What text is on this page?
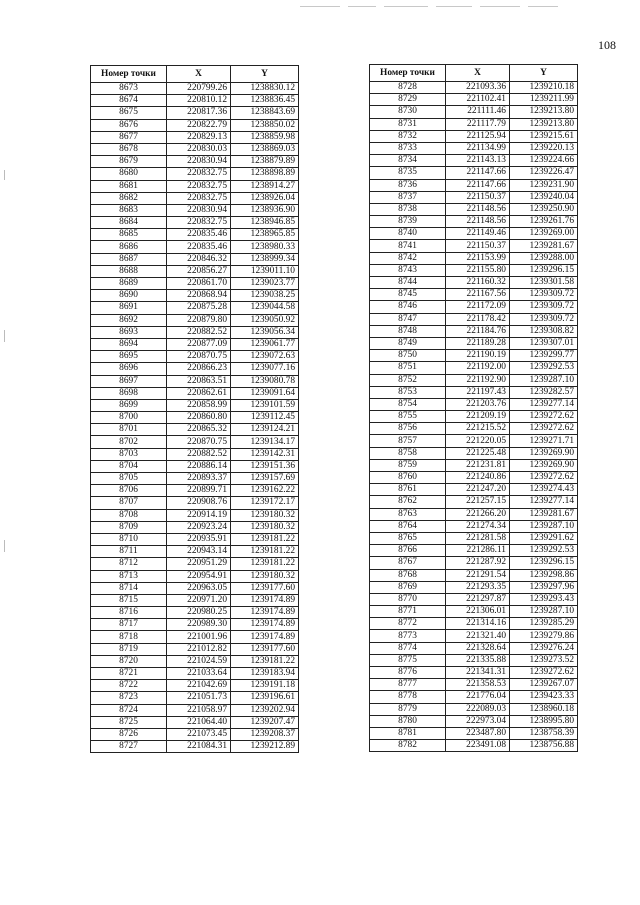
108
Номер точки	X	Y
8673	220799.26	1238830.12
8674	220810.12	1238836.45
8675	220817.36	1238843.69
8676	220822.79	1238850.02
8677	220829.13	1238859.98
8678	220830.03	1238869.03
8679	220830.94	1238879.89
8680	220832.75	1238898.89
8681	220832.75	1238914.27
8682	220832.75	1238926.04
8683	220830.94	1238936.90
8684	220832.75	1238946.85
8685	220835.46	1238965.85
8686	220835.46	1238980.33
8687	220846.32	1238999.34
8688	220856.27	1239011.10
8689	220861.70	1239023.77
8690	220868.94	1239038.25
8691	220875.28	1239044.58
8692	220879.80	1239050.92
8693	220882.52	1239056.34
8694	220877.09	1239061.77
8695	220870.75	1239072.63
8696	220866.23	1239077.16
8697	220863.51	1239080.78
8698	220862.61	1239091.64
8699	220858.99	1239101.59
8700	220860.80	1239112.45
8701	220865.32	1239124.21
8702	220870.75	1239134.17
8703	220882.52	1239142.31
8704	220886.14	1239151.36
8705	220893.37	1239157.69
8706	220899.71	1239162.22
8707	220908.76	1239172.17
8708	220914.19	1239180.32
8709	220923.24	1239180.32
8710	220935.91	1239181.22
8711	220943.14	1239181.22
8712	220951.29	1239181.22
8713	220954.91	1239180.32
8714	220963.05	1239177.60
8715	220971.20	1239174.89
8716	220980.25	1239174.89
8717	220989.30	1239174.89
8718	221001.96	1239174.89
8719	221012.82	1239177.60
8720	221024.59	1239181.22
8721	221033.64	1239183.94
8722	221042.69	1239191.18
8723	221051.73	1239196.61
8724	221058.97	1239202.94
8725	221064.40	1239207.47
8726	221073.45	1239208.37
8727	221084.31	1239212.89
Номер точки	X	Y
8728	221093.36	1239210.18
8729	221102.41	1239211.99
8730	221111.46	1239213.80
8731	221117.79	1239213.80
8732	221125.94	1239215.61
8733	221134.99	1239220.13
8734	221143.13	1239224.66
8735	221147.66	1239226.47
8736	221147.66	1239231.90
8737	221150.37	1239240.04
8738	221148.56	1239250.90
8739	221148.56	1239261.76
8740	221149.46	1239269.00
8741	221150.37	1239281.67
8742	221153.99	1239288.00
8743	221155.80	1239296.15
8744	221160.32	1239301.58
8745	221167.56	1239309.72
8746	221172.09	1239309.72
8747	221178.42	1239309.72
8748	221184.76	1239308.82
8749	221189.28	1239307.01
8750	221190.19	1239299.77
8751	221192.00	1239292.53
8752	221192.90	1239287.10
8753	221197.43	1239282.57
8754	221203.76	1239277.14
8755	221209.19	1239272.62
8756	221215.52	1239272.62
8757	221220.05	1239271.71
8758	221225.48	1239269.90
8759	221231.81	1239269.90
8760	221240.86	1239272.62
8761	221247.20	1239274.43
8762	221257.15	1239277.14
8763	221266.20	1239281.67
8764	221274.34	1239287.10
8765	221281.58	1239291.62
8766	221286.11	1239292.53
8767	221287.92	1239296.15
8768	221291.54	1239298.86
8769	221293.35	1239297.96
8770	221297.87	1239293.43
8771	221306.01	1239287.10
8772	221314.16	1239285.29
8773	221321.40	1239279.86
8774	221328.64	1239276.24
8775	221335.88	1239273.52
8776	221341.31	1239272.62
8777	221358.53	1239267.07
8778	221776.04	1239423.33
8779	222089.03	1238960.18
8780	222973.04	1238995.80
8781	223487.80	1238758.39
8782	223491.08	1238756.88
